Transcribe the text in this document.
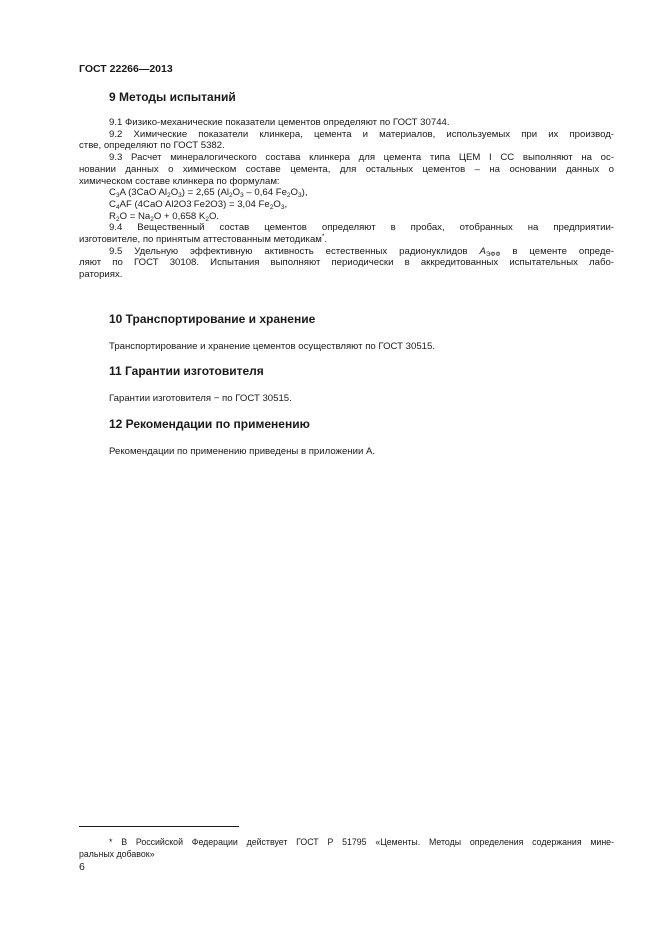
ГОСТ 22266—2013
9 Методы испытаний

9.1 Физико-механические показатели цементов определяют по ГОСТ 30744.

9.2 Химические показатели клинкера, цемента и материалов, используемых при их производ-

стве, определяют по ГОСТ 5382.

9.3 Расчет минералогического состава клинкера для цемента типа ЦЕМ I СС выполняют на ос-

новании данных о химическом составе цемента, для остальных цементов – на основании данных о

химическом составе клинкера по формулам:

$C_3A$ $(3CaO^\cdot Al_2O_3) = 2,65$ ($Al_2O_3 - 0,64$ $Fe_2O_3$),

$C_4AF$ (4CaO·Al2O3·Fe2O3) = 3,04 $Fe_2O_3$,

$R_2O = Na_2O + 0,658$ $K_2O$.

9.4 Вещественный состав цементов определяют в пробах, отобранных на предприятии-

изготовителе, по принятым аттестованным методикам*.

9.5 Удельную эффективную активность естественных радионуклидов $А_{ЭФФ}$ в цементе опреде-

ляют по ГОСТ 30108. Испытания выполняют периодически в аккредитованных испытательных лабо-

раториях.

10 Транспортирование и хранение
Транспортирование и хранение цементов осуществляют по ГОСТ 30515.
11 Гарантии изготовителя
Гарантии изготовителя − по ГОСТ 30515.
12 Рекомендации по применению
Рекомендации по применению приведены в приложении А.

* В Российской Федерации действует ГОСТ Р 51795 «Цементы. Методы определения содержания мине-

ральных добавок»

6
